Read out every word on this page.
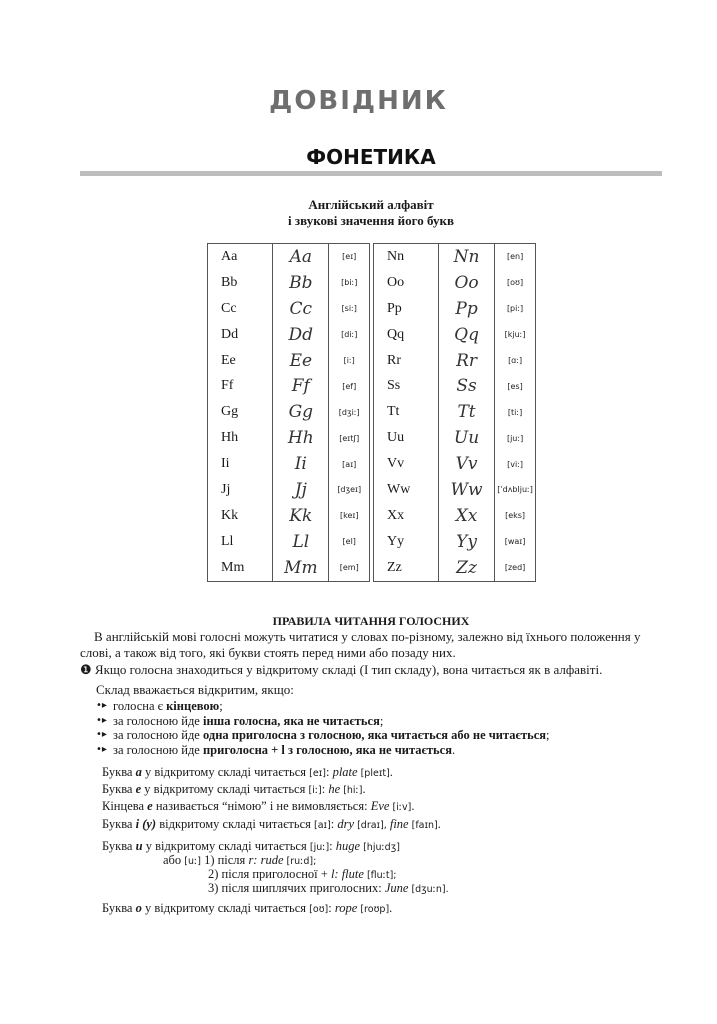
ДОВІДНИК
ФОНЕТИКА
Англійський алфавіт
і звукові значення його букв
Aa	Aa	[eɪ]
Bb	Bb	[biː]
Cc	Cc	[siː]
Dd	Dd	[diː]
Ee	Ee	[iː]
Ff	Ff	[ef]
Gg	Gg	[dʒiː]
Hh	Hh	[eɪtʃ]
Ii	Ii	[aɪ]
Jj	Jj	[dʒeɪ]
Kk	Kk	[keɪ]
Ll	Ll	[el]
Mm	Mm	[em]
Nn	Nn	[en]
Oo	Oo	[oʊ]
Pp	Pp	[piː]
Qq	Qq	[kjuː]
Rr	Rr	[ɑː]
Ss	Ss	[es]
Tt	Tt	[tiː]
Uu	Uu	[juː]
Vv	Vv	[viː]
Ww	Ww	[ˈdʌbljuː]
Xx	Xx	[eks]
Yy	Yy	[waɪ]
Zz	Zz	[zed]
ПРАВИЛА ЧИТАННЯ ГОЛОСНИХ
В англійській мові голосні можуть читатися у словах по-різному, залежно від їхнього положення у слові, а також від того, які букви стоять перед ними або позаду них.
❶ Якщо голосна знаходиться у відкритому складі (I тип складу), вона читається як в алфавіті.
Склад вважається відкритим, якщо:
•▸ голосна є кінцевою;
•▸ за голосною йде інша голосна, яка не читається;
•▸ за голосною йде одна приголосна з голосною, яка читається або не читається;
•▸ за голосною йде приголосна + l з голосною, яка не читається.
Буква a у відкритому складі читається [eɪ]: plate [pleɪt].
Буква e у відкритому складі читається [iː]: he [hiː].
Кінцева e називається “німою” і не вимовляється: Eve [iːv].
Буква i (y) відкритому складі читається [aɪ]: dry [draɪ], fine [faɪn].
Буква u у відкритому складі читається [juː]: huge [hjuːdʒ]
або [uː] 1) після r: rude [ruːd];
2) після приголосної + l: flute [fluːt];
3) після шиплячих приголосних: June [dʒuːn].
Буква o у відкритому складі читається [oʊ]: rope [roʊp].
